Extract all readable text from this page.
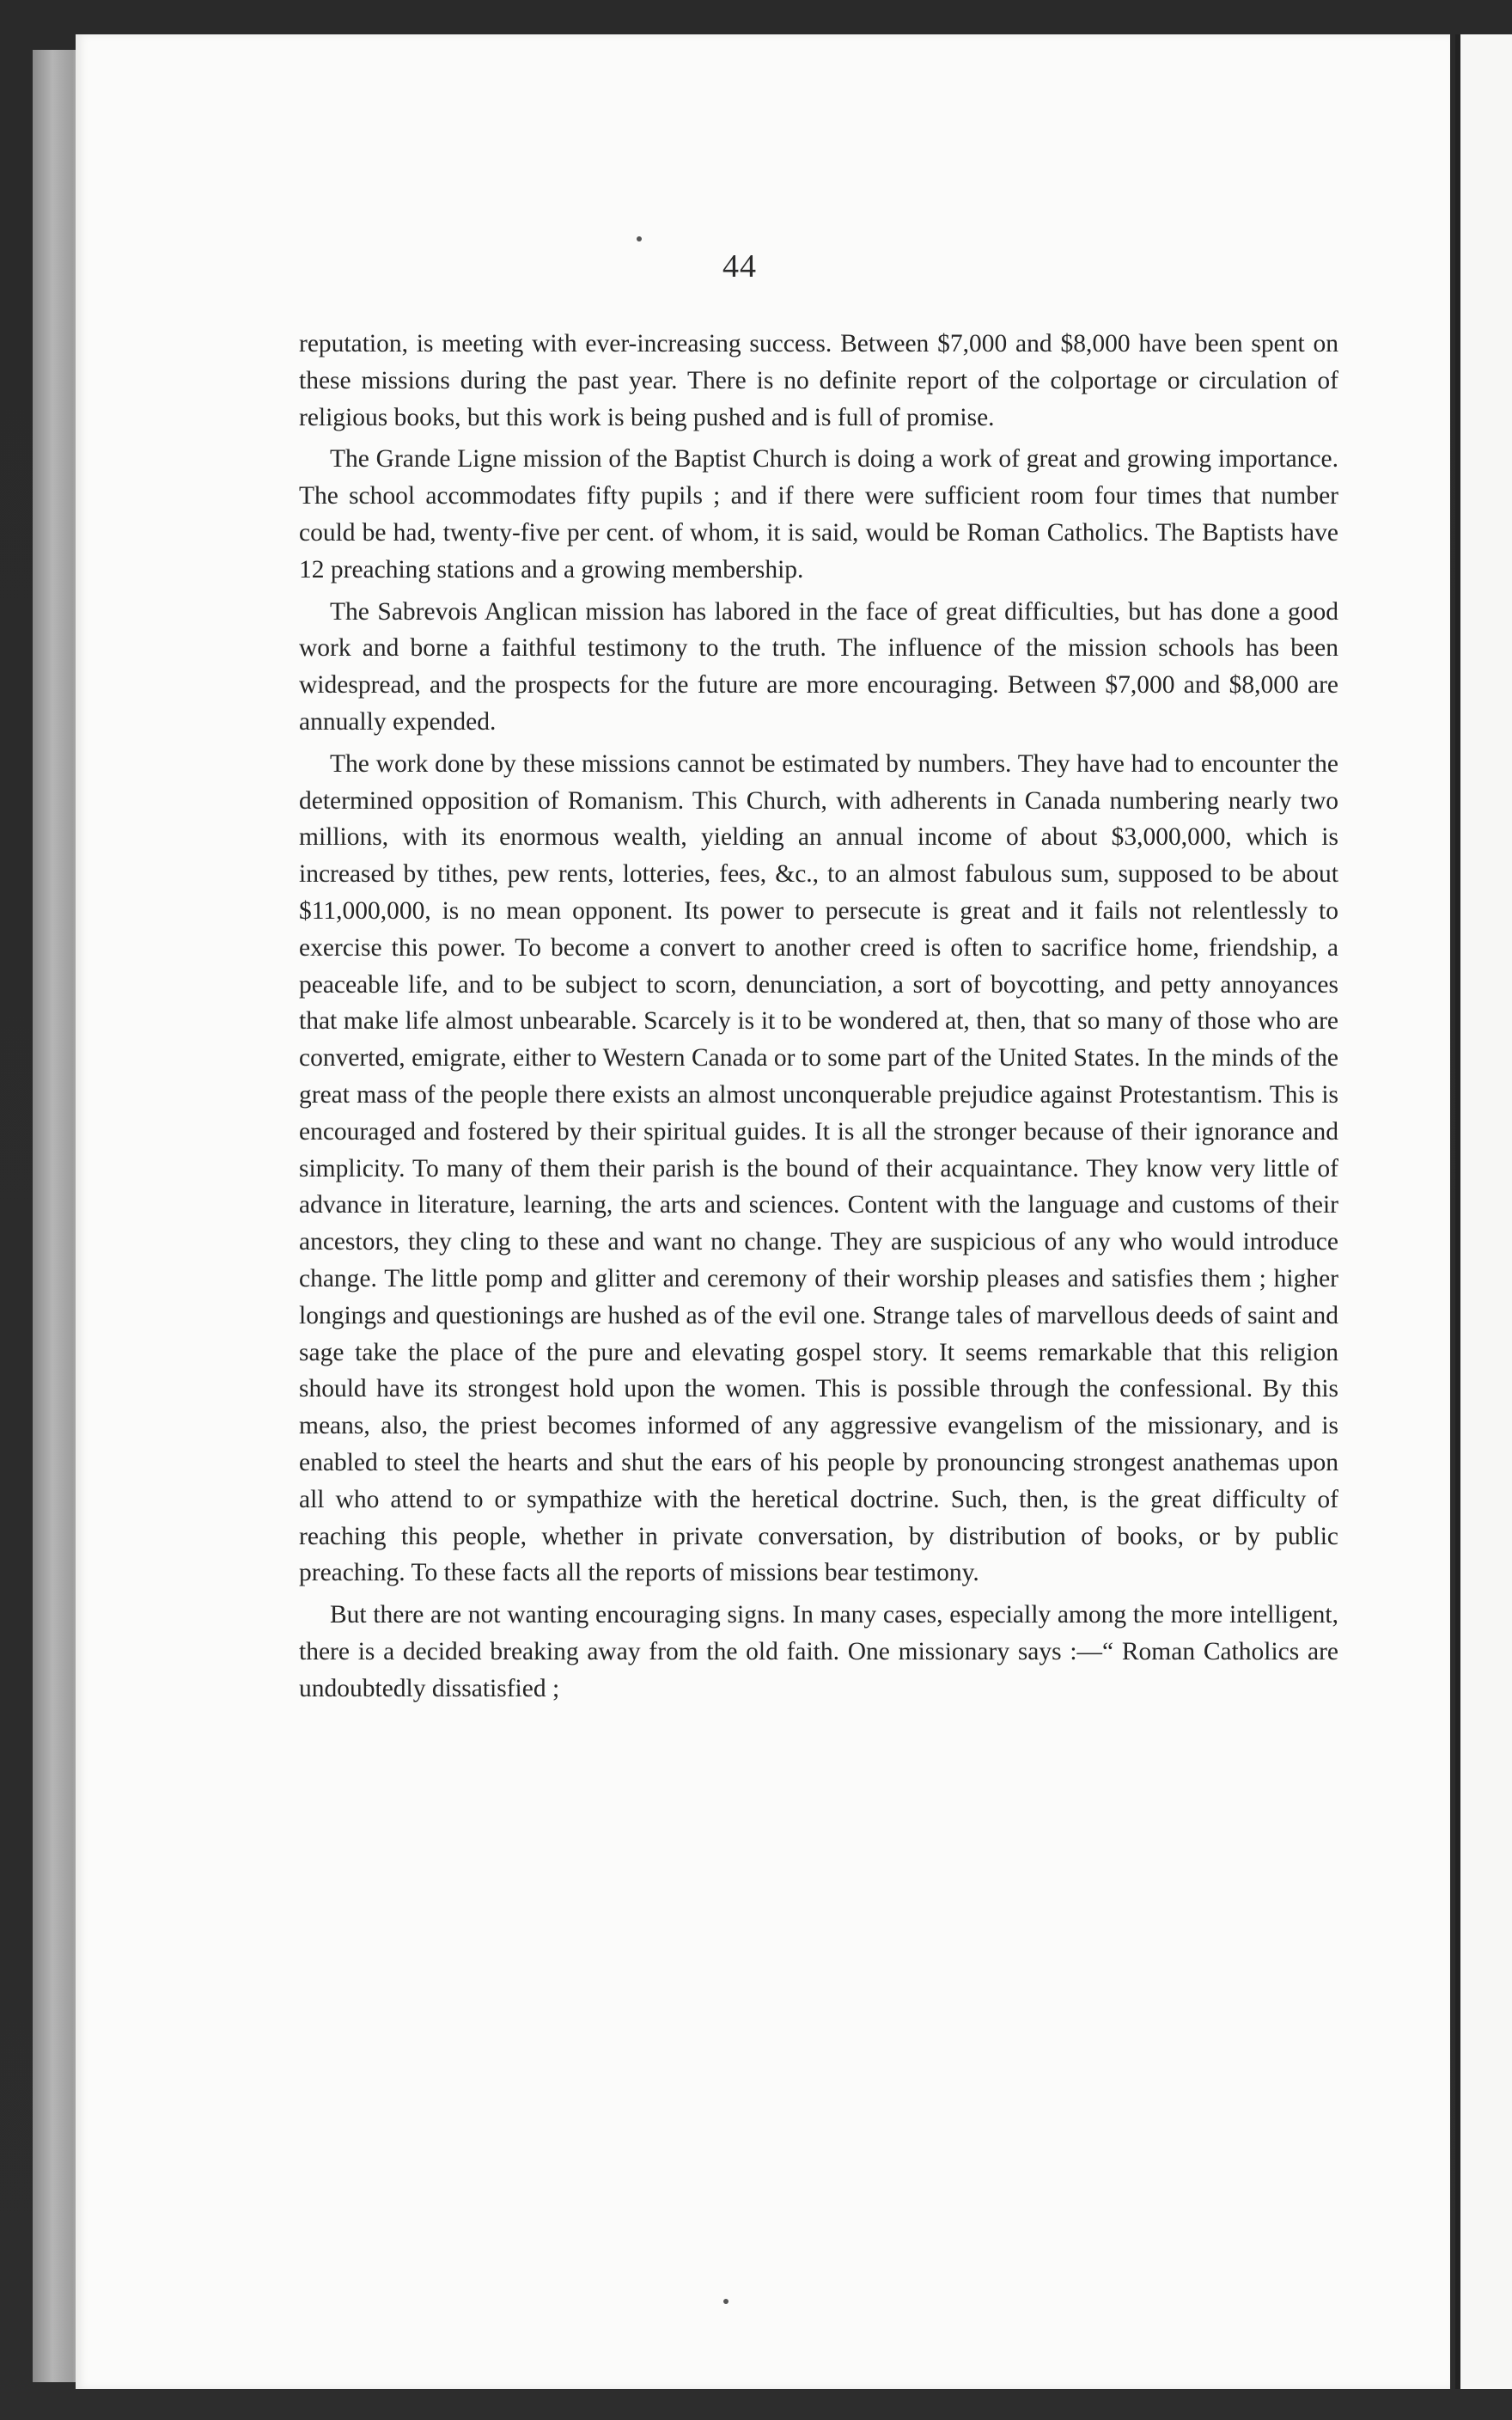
44

reputation, is meeting with ever-increasing success. Between $7,000 and $8,000 have been spent on these missions during the past year. There is no definite report of the colportage or circulation of religious books, but this work is being pushed and is full of promise.

The Grande Ligne mission of the Baptist Church is doing a work of great and growing importance. The school accommodates fifty pupils ; and if there were sufficient room four times that number could be had, twenty-five per cent. of whom, it is said, would be Roman Catholics. The Baptists have 12 preaching stations and a growing membership.

The Sabrevois Anglican mission has labored in the face of great difficulties, but has done a good work and borne a faithful testimony to the truth. The influence of the mission schools has been widespread, and the prospects for the future are more encouraging. Between $7,000 and $8,000 are annually expended.

The work done by these missions cannot be estimated by numbers. They have had to encounter the determined opposition of Romanism. This Church, with adherents in Canada numbering nearly two millions, with its enormous wealth, yielding an annual income of about $3,000,000, which is increased by tithes, pew rents, lotteries, fees, &c., to an almost fabulous sum, supposed to be about $11,000,000, is no mean opponent. Its power to persecute is great and it fails not relentlessly to exercise this power. To become a convert to another creed is often to sacrifice home, friendship, a peaceable life, and to be subject to scorn, denunciation, a sort of boycotting, and petty annoyances that make life almost unbearable. Scarcely is it to be wondered at, then, that so many of those who are converted, emigrate, either to Western Canada or to some part of the United States. In the minds of the great mass of the people there exists an almost unconquerable prejudice against Protestantism. This is encouraged and fostered by their spiritual guides. It is all the stronger because of their ignorance and simplicity. To many of them their parish is the bound of their acquaintance. They know very little of advance in literature, learning, the arts and sciences. Content with the language and customs of their ancestors, they cling to these and want no change. They are suspicious of any who would introduce change. The little pomp and glitter and ceremony of their worship pleases and satisfies them ; higher longings and questionings are hushed as of the evil one. Strange tales of marvellous deeds of saint and sage take the place of the pure and elevating gospel story. It seems remarkable that this religion should have its strongest hold upon the women. This is possible through the confessional. By this means, also, the priest becomes informed of any aggressive evangelism of the missionary, and is enabled to steel the hearts and shut the ears of his people by pronouncing strongest anathemas upon all who attend to or sympathize with the heretical doctrine. Such, then, is the great difficulty of reaching this people, whether in private conversation, by distribution of books, or by public preaching. To these facts all the reports of missions bear testimony.

But there are not wanting encouraging signs. In many cases, especially among the more intelligent, there is a decided breaking away from the old faith. One missionary says :—“ Roman Catholics are undoubtedly dissatisfied ;
